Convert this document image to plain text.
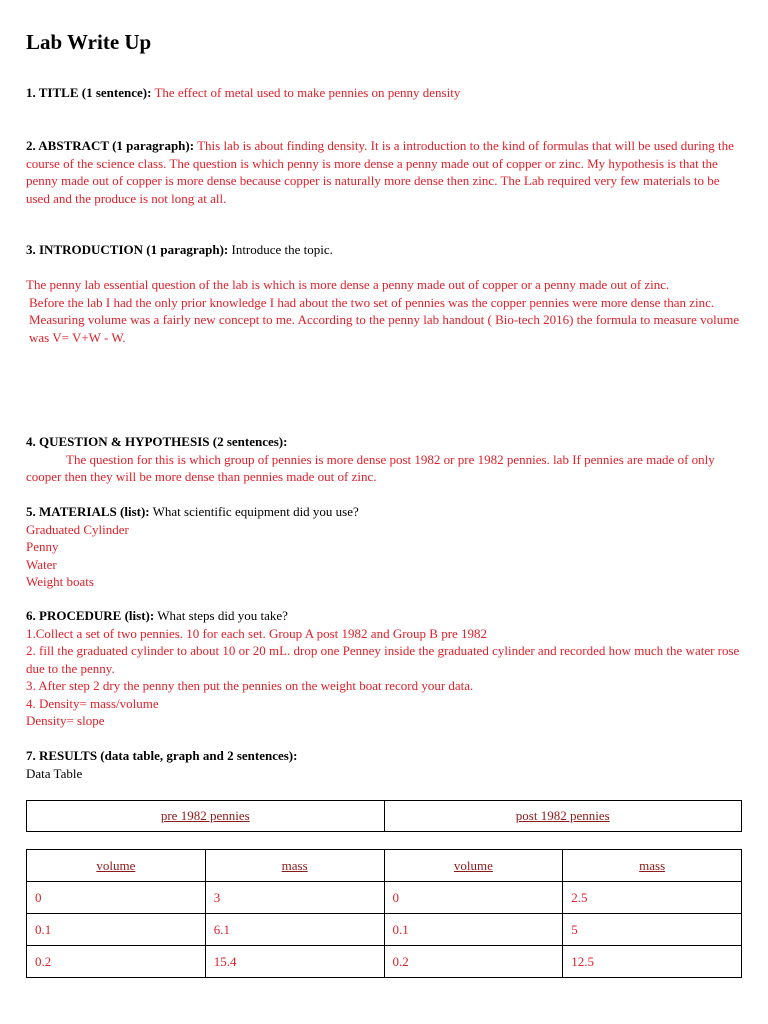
Lab Write Up
1. TITLE (1 sentence): The effect of metal used to make pennies on penny density
2. ABSTRACT (1 paragraph): This lab is about finding density. It is a introduction to the kind of formulas that will be used during the course of the science class. The question is which penny is more dense a penny made out of copper or zinc. My hypothesis is that the penny made out of copper is more dense because copper is naturally more dense then zinc. The Lab required very few materials to be used and the produce is not long at all.
3. INTRODUCTION (1 paragraph): Introduce the topic.

The penny lab essential question of the lab is which is more dense a penny made out of copper or a penny made out of zinc.

Before the lab I had the only prior knowledge I had about the two set of pennies was the copper pennies were more dense than zinc. Measuring volume was a fairly new concept to me. According to the penny lab handout ( Bio-tech 2016) the formula to measure volume was V= V+W - W.

4. QUESTION & HYPOTHESIS (2 sentences):

The question for this is which group of pennies is more dense post 1982 or pre 1982 pennies. lab If pennies are made of only cooper then they will be more dense than pennies made out of zinc.

5. MATERIALS (list): What scientific equipment did you use?

Graduated Cylinder

Penny

Water

Weight boats

6. PROCEDURE (list): What steps did you take?

1.Collect a set of two pennies. 10 for each set. Group A post 1982 and Group B pre 1982

2. fill the graduated cylinder to about 10 or 20 mL. drop one Penney inside the graduated cylinder and recorded how much the water rose due to the penny.

3. After step 2 dry the penny then put the pennies on the weight boat record your data.

4. Density= mass/volume

Density= slope

7. RESULTS (data table, graph and 2 sentences):

Data Table

pre 1982 pennies	post 1982 pennies
volume	mass	volume	mass
0	3	0	2.5
0.1	6.1	0.1	5
0.2	15.4	0.2	12.5
